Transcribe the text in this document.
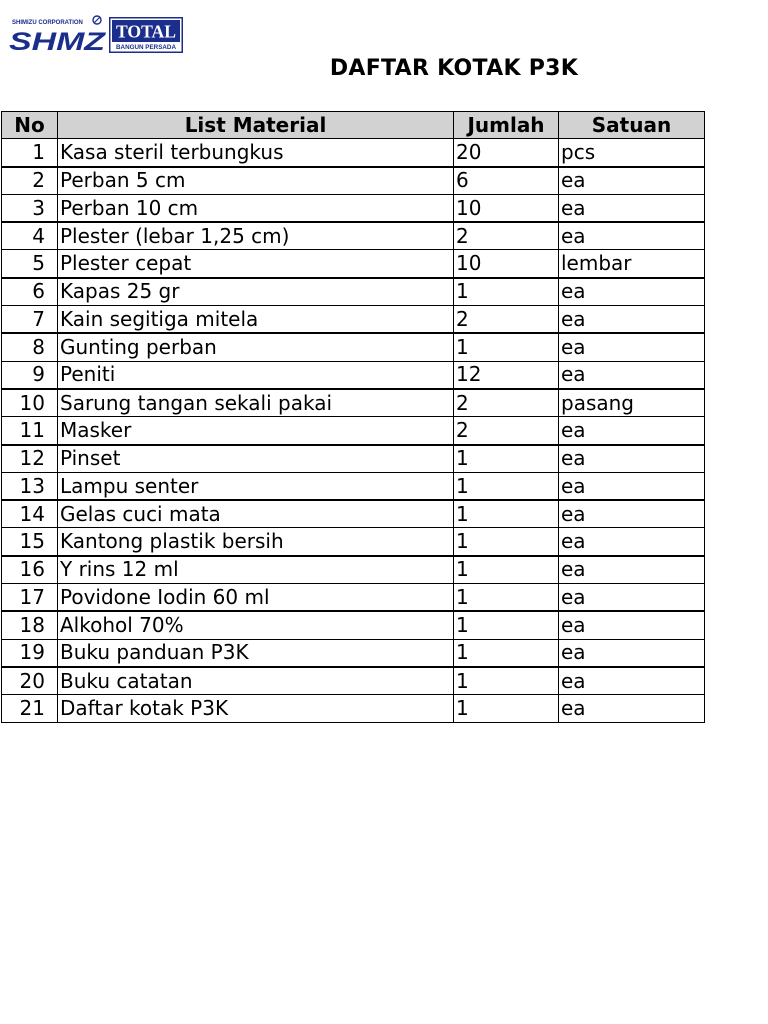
SHIMIZU CORPORATION
SHMZ TOTAL
BANGUN PERSADA
DAFTAR KOTAK P3K
No	List Material	Jumlah	Satuan
1	Kasa steril terbungkus	20	pcs
2	Perban 5 cm	6	ea
3	Perban 10 cm	10	ea
4	Plester (lebar 1,25 cm)	2	ea
5	Plester cepat	10	lembar
6	Kapas 25 gr	1	ea
7	Kain segitiga mitela	2	ea
8	Gunting perban	1	ea
9	Peniti	12	ea
10	Sarung tangan sekali pakai	2	pasang
11	Masker	2	ea
12	Pinset	1	ea
13	Lampu senter	1	ea
14	Gelas cuci mata	1	ea
15	Kantong plastik bersih	1	ea
16	Y rins 12 ml	1	ea
17	Povidone Iodin 60 ml	1	ea
18	Alkohol 70%	1	ea
19	Buku panduan P3K	1	ea
20	Buku catatan	1	ea
21	Daftar kotak P3K	1	ea
